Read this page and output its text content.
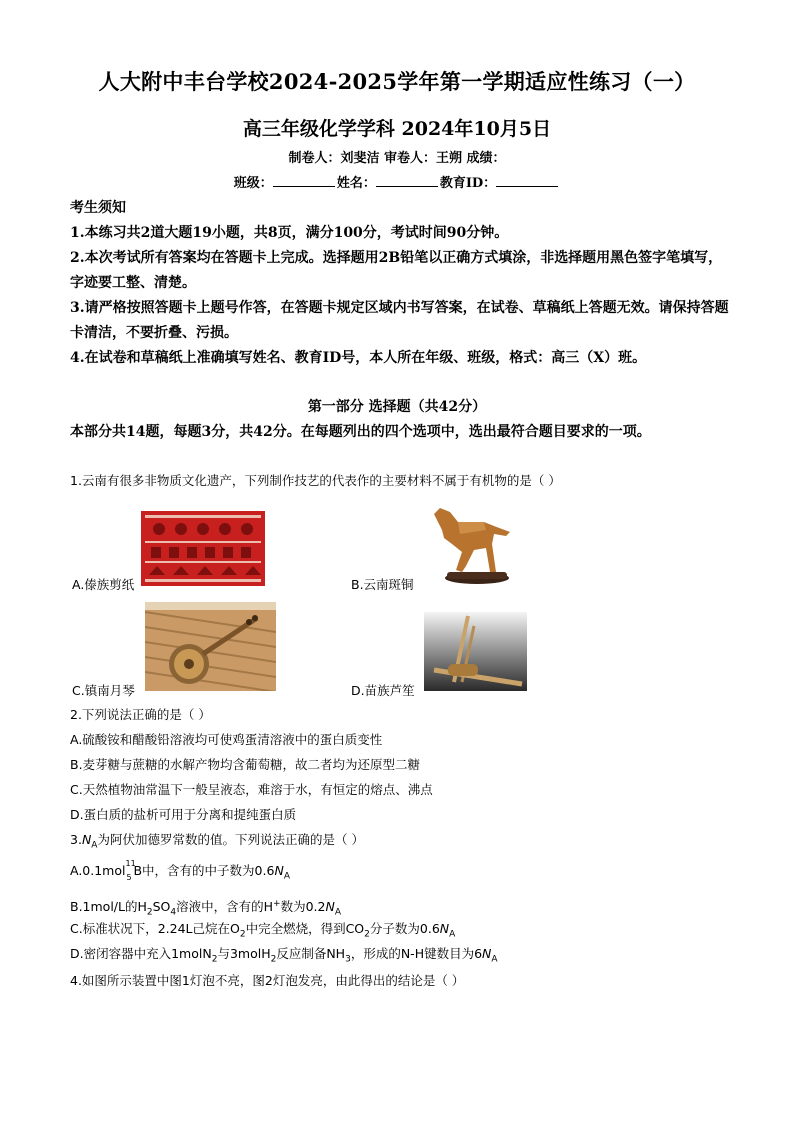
人大附中丰台学校2024-2025学年第一学期适应性练习（一）
高三年级化学学科 2024年10月5日
制卷人：刘斐洁 审卷人：王朔 成绩：
班级：	姓名：	教育ID：

考生须知

1.本练习共2道大题19小题，共8页，满分100分，考试时间90分钟。

2.本次考试所有答案均在答题卡上完成。选择题用2B铅笔以正确方式填涂，非选择题用黑色签字笔填写，字迹要工整、清楚。

3.请严格按照答题卡上题号作答，在答题卡规定区域内书写答案，在试卷、草稿纸上答题无效。请保持答题卡清洁，不要折叠、污损。

4.在试卷和草稿纸上准确填写姓名、教育ID号，本人所在年级、班级，格式：高三（X）班。

第一部分 选择题（共42分）
本部分共14题，每题3分，共42分。在每题列出的四个选项中，选出最符合题目要求的一项。
1.云南有很多非物质文化遗产，下列制作技艺的代表作的主要材料不属于有机物的是（ ）
A.傣族剪纸	B.云南斑铜
C.镇南月琴	D.苗族芦笙
2.下列说法正确的是（ ）
A.硫酸铵和醋酸铅溶液均可使鸡蛋清溶液中的蛋白质变性
B.麦芽糖与蔗糖的水解产物均含葡萄糖，故二者均为还原型二糖
C.天然植物油常温下一般呈液态，难溶于水，有恒定的熔点、沸点
D.蛋白质的盐析可用于分离和提纯蛋白质
$3.N_A$为阿伏加德罗常数的值。下列说法正确的是（ ）
A.0.1mol 11
5 B中，含有的中子数为$0.6N_A$
B.1mol/L的$H_2SO_4$溶液中，含有的H+数为$0.2N_A$
C.标准状况下，2.24L己烷在$O_2$中完全燃烧，得到$CO_2$分子数为$0.6N_A$
D.密闭容器中充入1molN$_2$与3molH$_2$反应制备$NH_3$，形成的N-H键数目为$6N_A$
4.如图所示装置中图1灯泡不亮，图2灯泡发亮，由此得出的结论是（ ）
